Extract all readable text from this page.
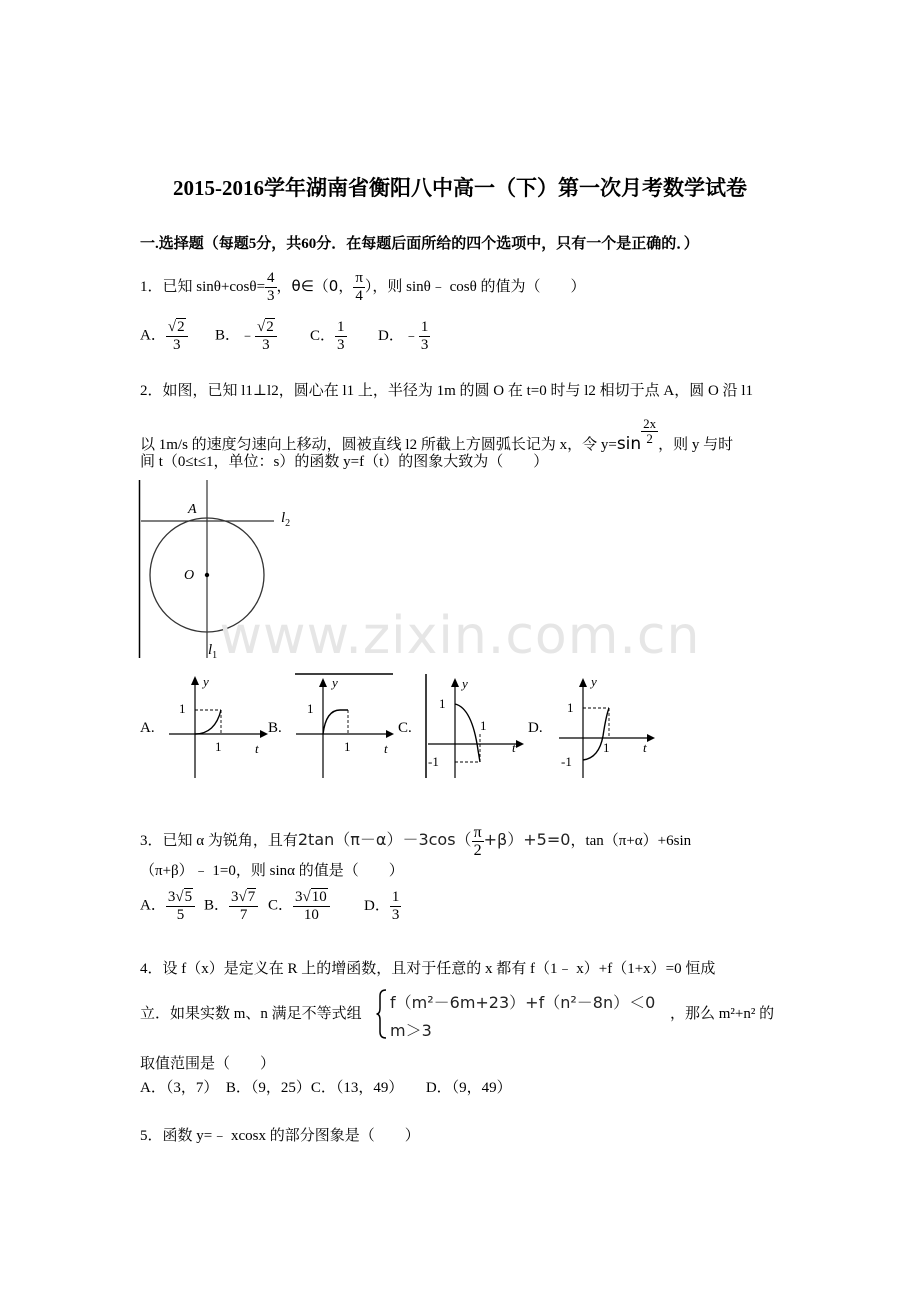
2015-2016学年湖南省衡阳八中高一（下）第一次月考数学试卷
一.选择题（每题5分，共60分．在每题后面所给的四个选项中，只有一个是正确的．）
1．已知 $\sin\theta+\cos\theta= \frac{4}{3}$ ，θ∈（0， $\frac{\pi}{4}$ ），则 sinθ﹣ cosθ 的值为（　　）
A． $\frac{√2}{3}$ B．﹣ $\frac{√2}{3}$ C． $\frac{1}{3}$ D．﹣ $\frac{1}{3}$
2．如图，已知 l1⊥l2，圆心在 l1 上，半径为 1m 的圆 O 在 t=0 时与 l2 相切于点 A，圆 O 沿 l1
以 1m/s 的速度匀速向上移动，圆被直线 l2 所截上方圆弧长记为 x，令 $y=\sin \frac{2x}{2}$ ，则 y 与时
间 t（0≤t≤1，单位：s）的函数 y=f（t）的图象大致为（　　）
A
O
$l_2$
$l_1$
A.
y
t
1
1
B.
y
t
1
1
C.
y
t
1
-1
1	D.
y
t
1
-1
1
www.zixin.com.cn
3．已知 α 为锐角，且有$2\tan(\pi-\alpha)-3\cos( \frac{\pi}{2} +\beta)+5=0$，tan（π+α）+6sin
（π+β）﹣ 1=0，则 sinα 的值是（　　）
A． $\frac{3√5}{5}$ B． $\frac{3√7}{7}$ C． $\frac{3√10}{10}$ D． $\frac{1}{3}$
4．设 f（x）是定义在 R 上的增函数，且对于任意的 x 都有 f（1﹣ x）+f（1+x）=0 恒成
立．如果实数 m、n 满足不等式组
f（m²－6m+23）+f（n²－8n）＜0
m＞3
，那么 m²+n² 的
取值范围是（　　）
A．（3，7）　B．（9，25）C．（13，49）　　D．（9，49）
5．函数 y=﹣ xcosx 的部分图象是（　　）
